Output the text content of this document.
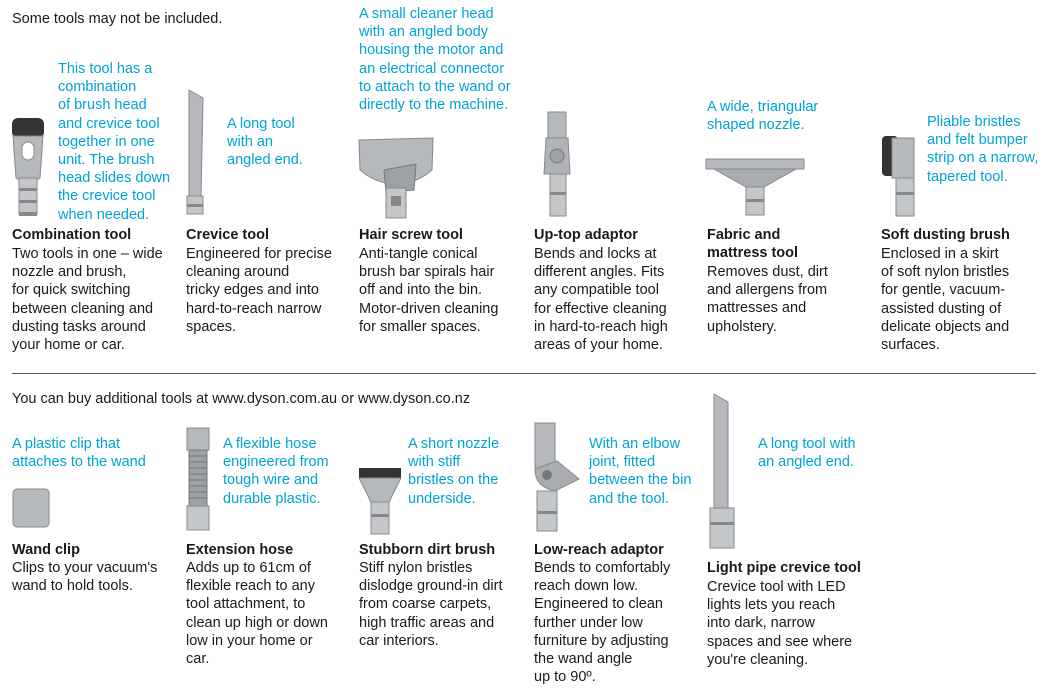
Some tools may not be included.

This tool has a
combination
of brush head
and crevice tool
together in one
unit. The brush
head slides down
the crevice tool
when needed.

Combination tool

Two tools in one – wide
nozzle and brush,
for quick switching
between cleaning and
dusting tasks around
your home or car.

A long tool
with an
angled end.

Crevice tool

Engineered for precise
cleaning around
tricky edges and into
hard-to-reach narrow
spaces.

A small cleaner head
with an angled body
housing the motor and
an electrical connector
to attach to the wand or
directly to the machine.

Hair screw tool

Anti-tangle conical
brush bar spirals hair
off and into the bin.
Motor-driven cleaning
for smaller spaces.

Up-top adaptor

Bends and locks at
different angles. Fits
any compatible tool
for effective cleaning
in hard-to-reach high
areas of your home.

A wide, triangular
shaped nozzle.

Fabric and
mattress tool

Removes dust, dirt
and allergens from
mattresses and
upholstery.

Pliable bristles
and felt bumper
strip on a narrow,
tapered tool.

Soft dusting brush

Enclosed in a skirt
of soft nylon bristles
for gentle, vacuum-
assisted dusting of
delicate objects and
surfaces.

You can buy additional tools at www.dyson.com.au or www.dyson.co.nz

A plastic clip that
attaches to the wand

Wand clip

Clips to your vacuum's
wand to hold tools.

A flexible hose
engineered from
tough wire and
durable plastic.

Extension hose

Adds up to 61cm of
flexible reach to any
tool attachment, to
clean up high or down
low in your home or
car.

A short nozzle
with stiff
bristles on the
underside.

Stubborn dirt brush

Stiff nylon bristles
dislodge ground-in dirt
from coarse carpets,
high traffic areas and
car interiors.

With an elbow
joint, fitted
between the bin
and the tool.

Low-reach adaptor

Bends to comfortably
reach down low.
Engineered to clean
further under low
furniture by adjusting
the wand angle
up to 90º.

A long tool with
an angled end.

Light pipe crevice tool

Crevice tool with LED
lights lets you reach
into dark, narrow
spaces and see where
you're cleaning.
